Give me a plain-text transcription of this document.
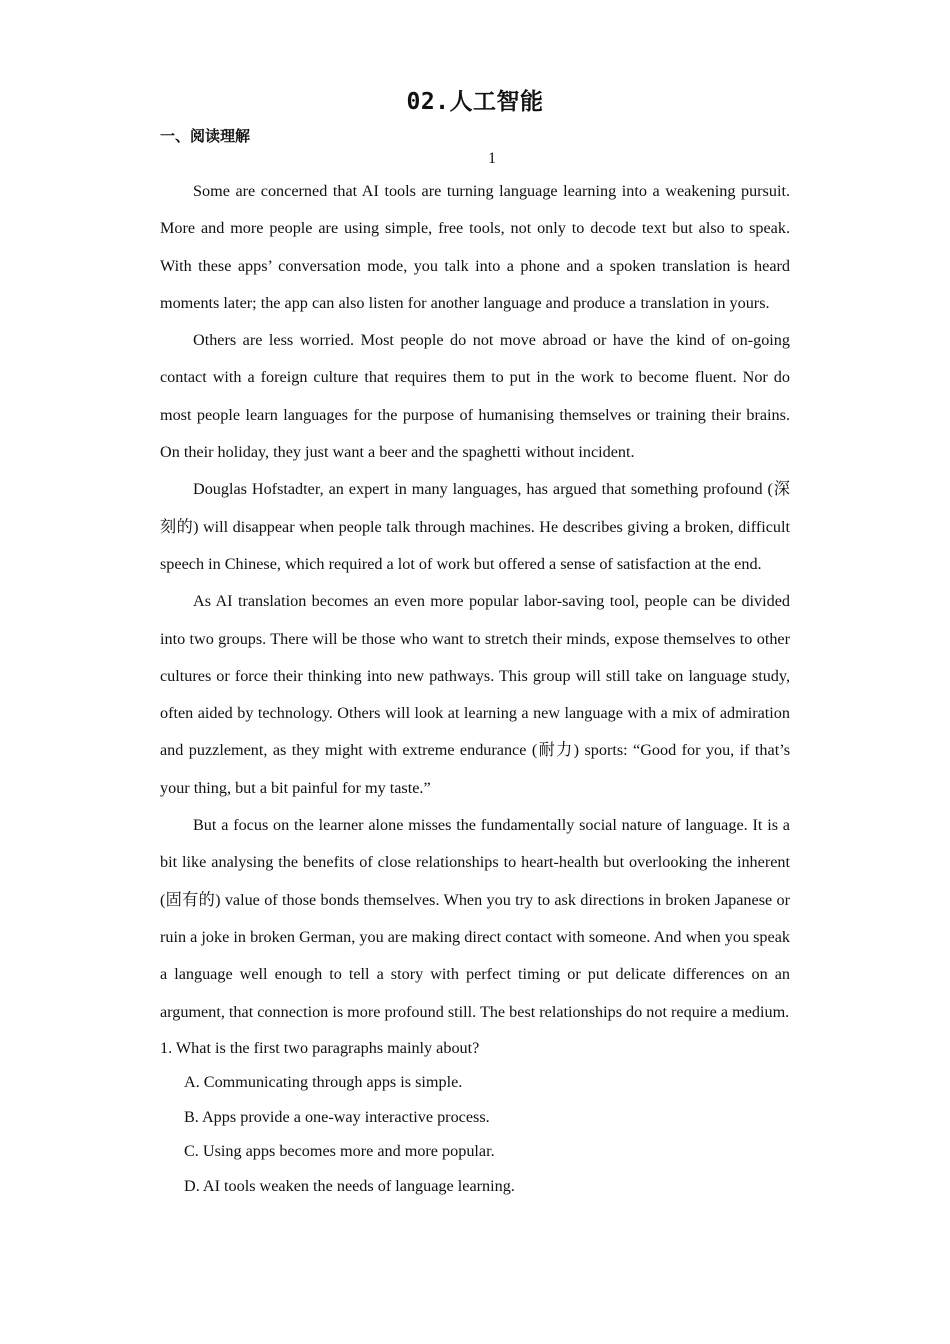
02.人工智能
一、阅读理解
1

Some are concerned that AI tools are turning language learning into a weakening pursuit. More and more people are using simple, free tools, not only to decode text but also to speak. With these apps’ conversation mode, you talk into a phone and a spoken translation is heard moments later; the app can also listen for another language and produce a translation in yours.

Others are less worried. Most people do not move abroad or have the kind of on-going contact with a foreign culture that requires them to put in the work to become fluent. Nor do most people learn languages for the purpose of humanising themselves or training their brains. On their holiday, they just want a beer and the spaghetti without incident.

Douglas Hofstadter, an expert in many languages, has argued that something profound (深刻的) will disappear when people talk through machines. He describes giving a broken, difficult speech in Chinese, which required a lot of work but offered a sense of satisfaction at the end.

As AI translation becomes an even more popular labor-saving tool, people can be divided into two groups. There will be those who want to stretch their minds, expose themselves to other cultures or force their thinking into new pathways. This group will still take on language study, often aided by technology. Others will look at learning a new language with a mix of admiration and puzzlement, as they might with extreme endurance (耐力) sports: “Good for you, if that’s your thing, but a bit painful for my taste.”

But a focus on the learner alone misses the fundamentally social nature of language. It is a bit like analysing the benefits of close relationships to heart-health but overlooking the inherent (固有的) value of those bonds themselves. When you try to ask directions in broken Japanese or ruin a joke in broken German, you are making direct contact with someone. And when you speak a language well enough to tell a story with perfect timing or put delicate differences on an argument, that connection is more profound still. The best relationships do not require a medium.

1. What is the first two paragraphs mainly about?

A. Communicating through apps is simple.

B. Apps provide a one-way interactive process.

C. Using apps becomes more and more popular.

D. AI tools weaken the needs of language learning.
